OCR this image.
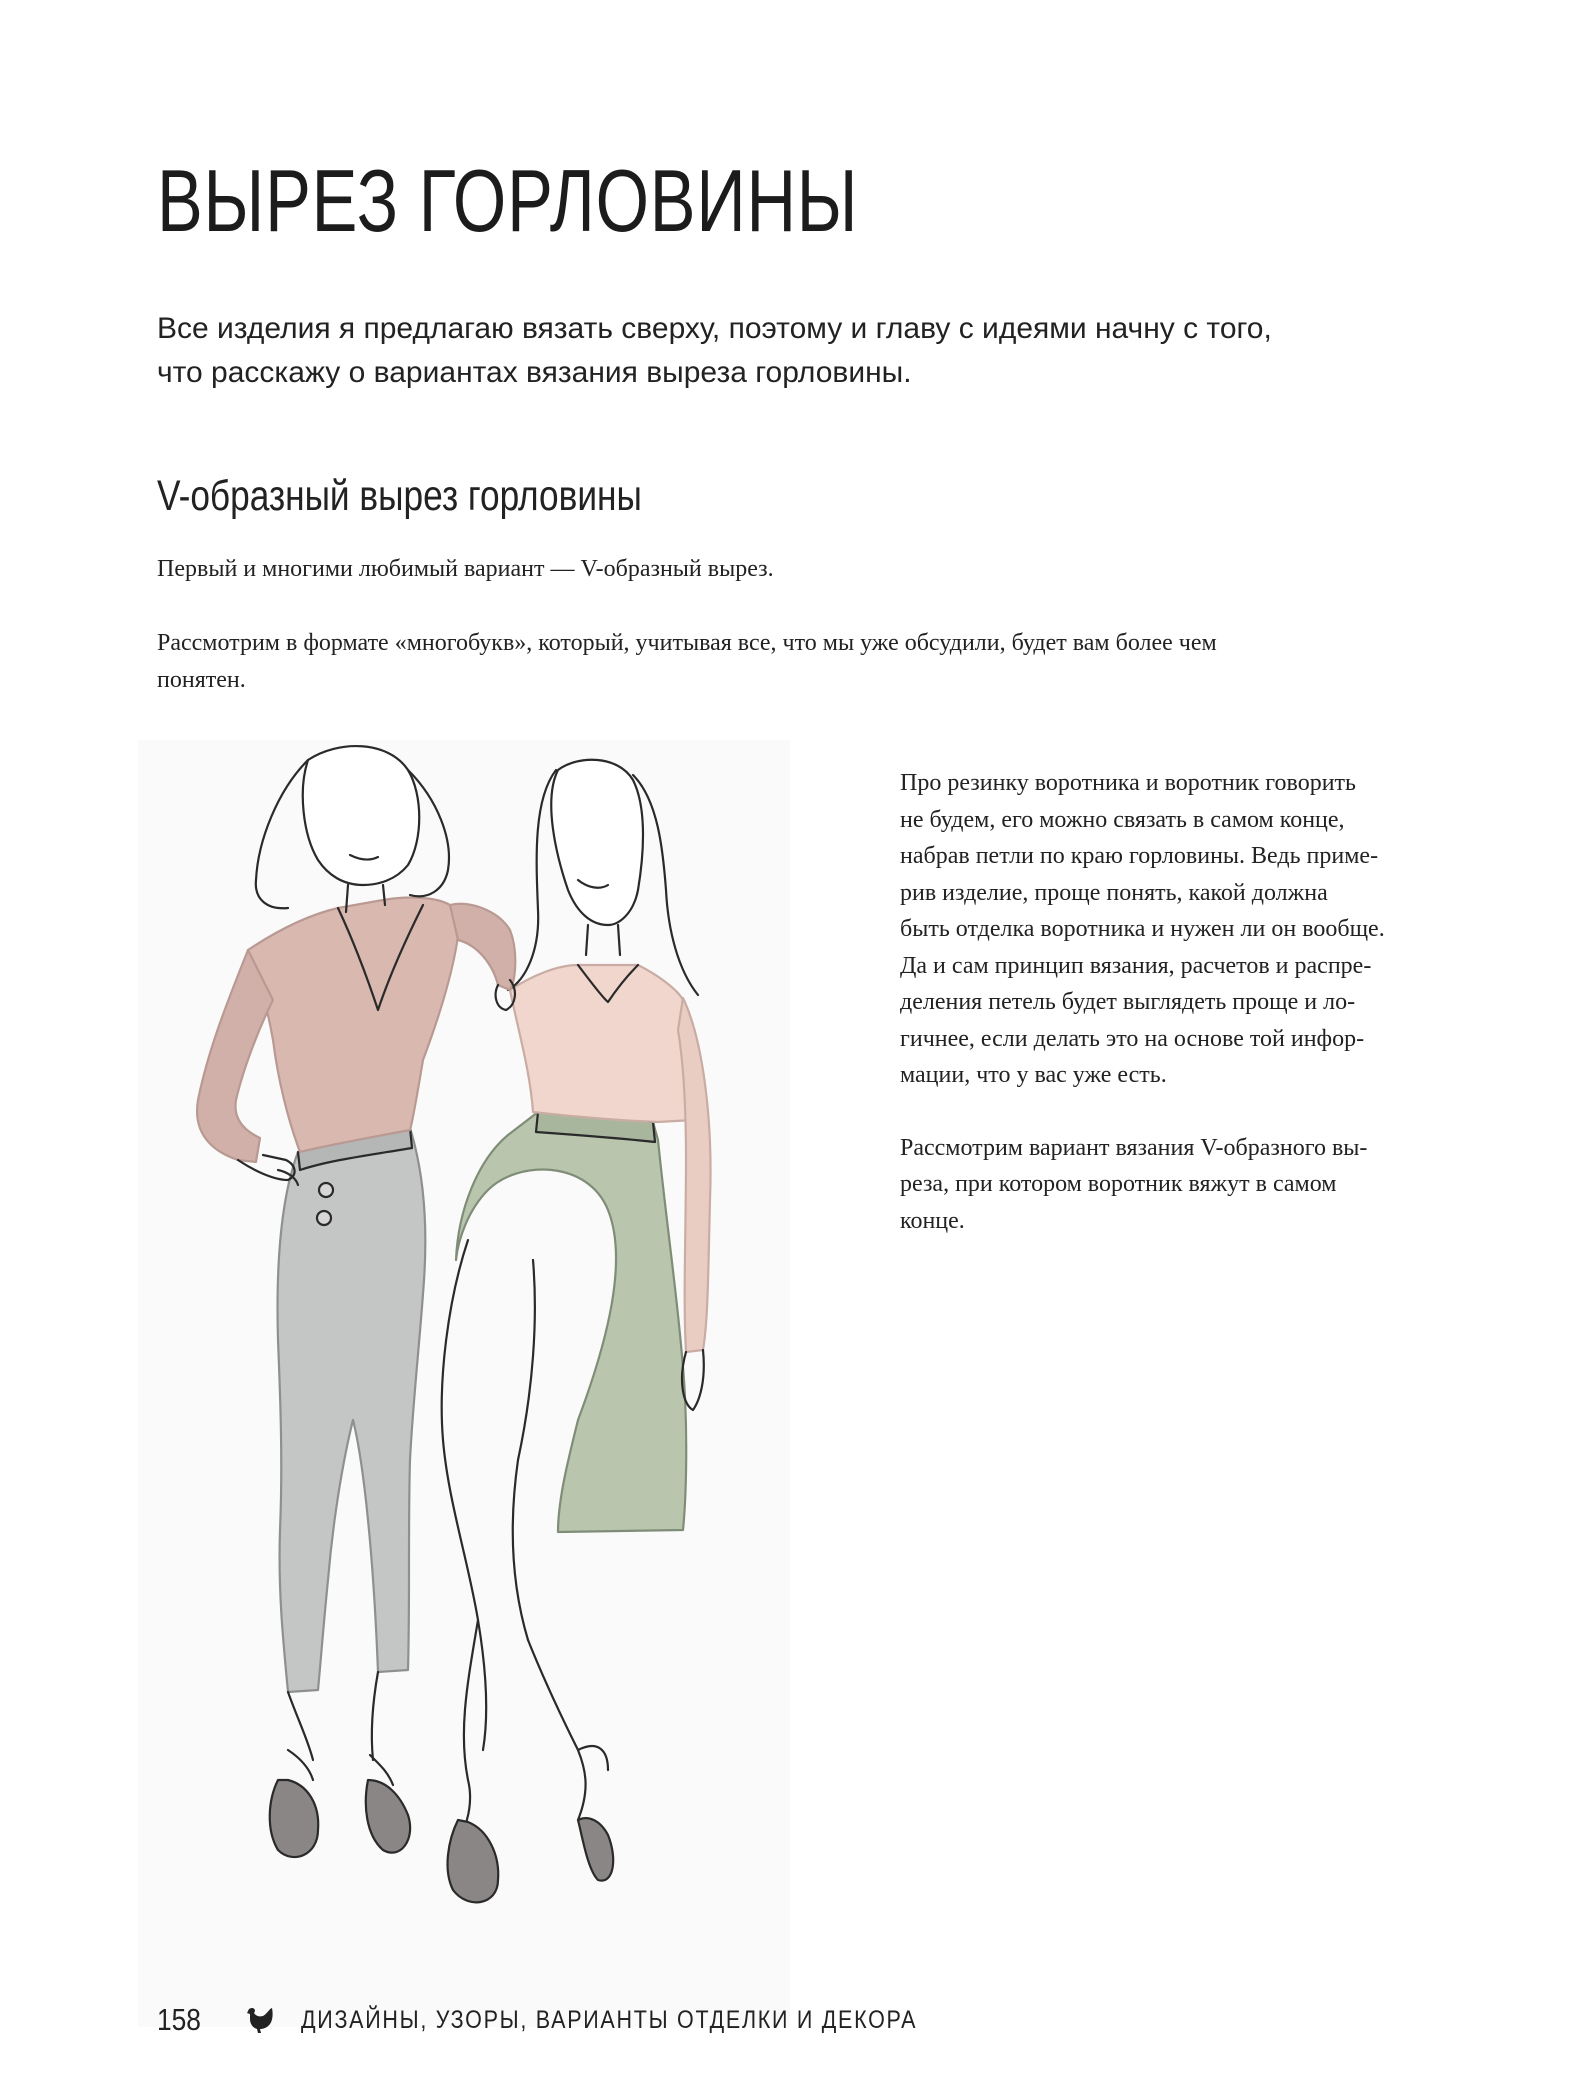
ВЫРЕЗ ГОРЛОВИНЫ
Все изделия я предлагаю вязать сверху, поэтому и главу с идеями начну с того,
что расскажу о вариантах вязания выреза горловины.
V-образный вырез горловины
Первый и многими любимый вариант — V-образный вырез.
Рассмотрим в формате «многобукв», который, учитывая все, что мы уже обсудили, будет вам более чем
понятен.
Про резинку воротника и воротник говорить
не будем, его можно связать в самом конце,
набрав петли по краю горловины. Ведь приме-
рив изделие, проще понять, какой должна
быть отделка воротника и нужен ли он вообще.
Да и сам принцип вязания, расчетов и распре-
деления петель будет выглядеть проще и ло-
гичнее, если делать это на основе той инфор-
мации, что у вас уже есть.
Рассмотрим вариант вязания V-образного вы-
реза, при котором воротник вяжут в самом
конце.
158	ДИЗАЙНЫ, УЗОРЫ, ВАРИАНТЫ ОТДЕЛКИ И ДЕКОРА
